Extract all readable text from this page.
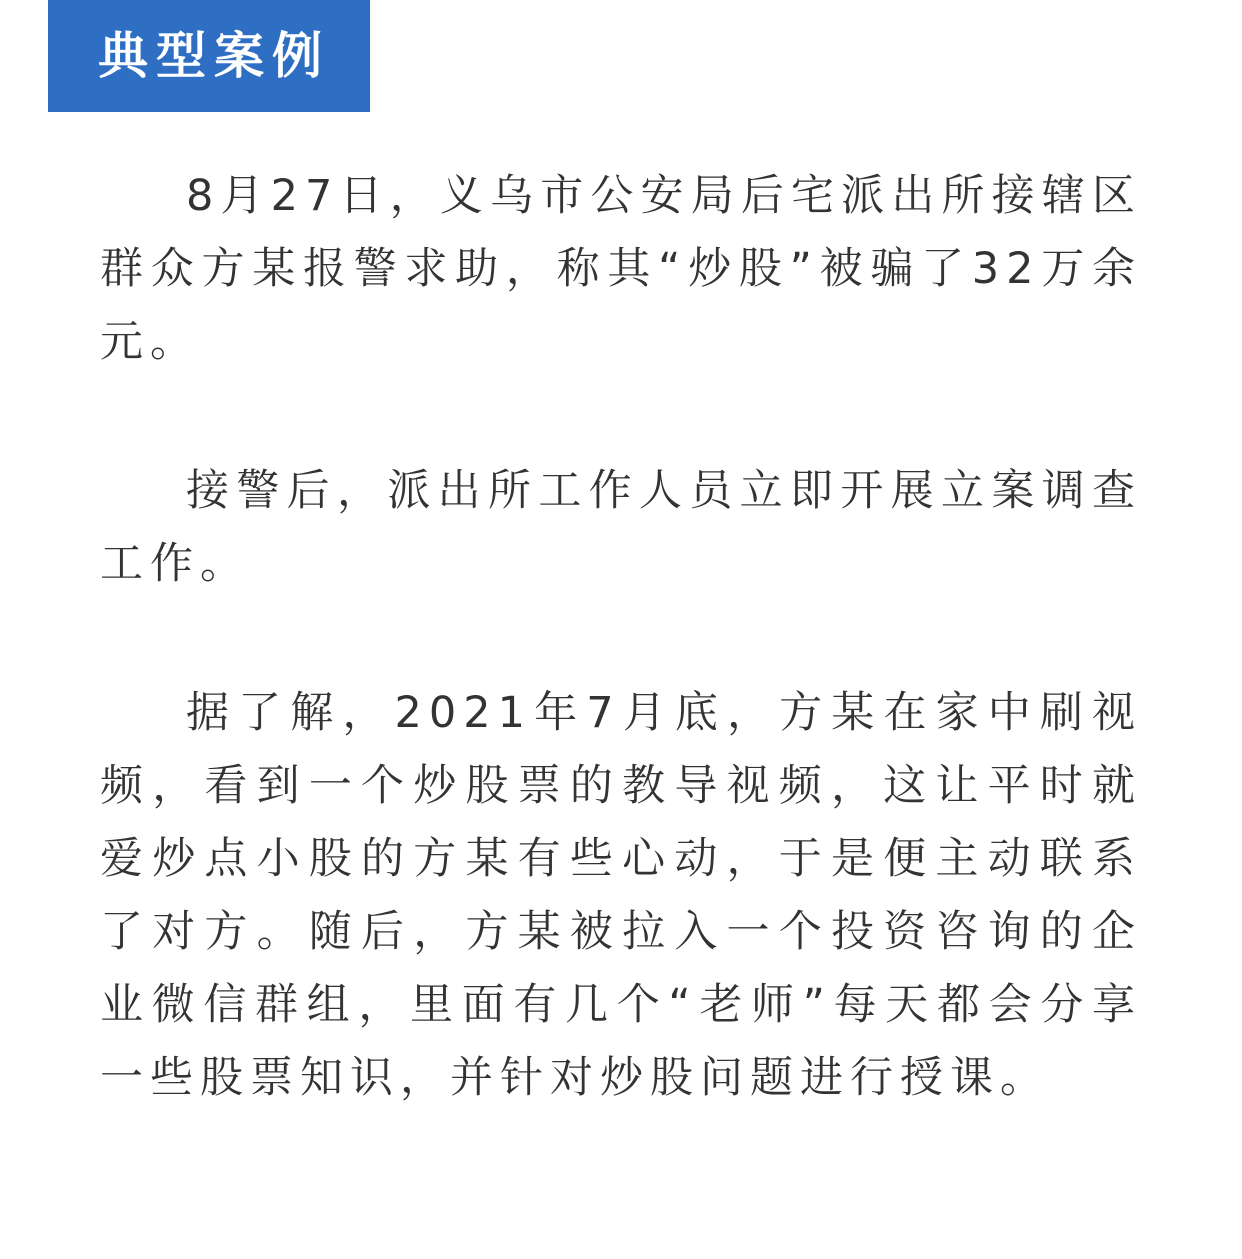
典型案例

8月27日，义乌市公安局后宅派出所接辖区群众方某报警求助，称其“炒股”被骗了32万余元。

接警后，派出所工作人员立即开展立案调查工作。

据了解，2021年7月底，方某在家中刷视频，看到一个炒股票的教导视频，这让平时就爱炒点小股的方某有些心动，于是便主动联系了对方。随后，方某被拉入一个投资咨询的企业微信群组，里面有几个“老师”每天都会分享一些股票知识，并针对炒股问题进行授课。
